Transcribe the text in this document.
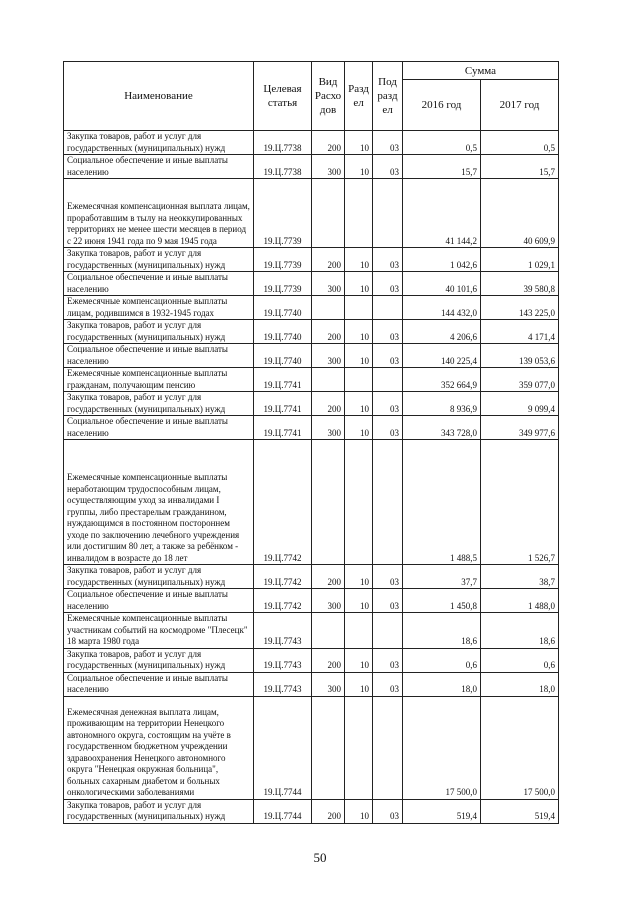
Наименование	Целевая статья	Вид Расхо дов	Разд ел	Под разд ел	Сумма	
					2016 год	2017 год
Закупка товаров, работ и услуг для государственных (муниципальных) нужд	19.Ц.7738	200	10	03	0,5	0,5
Социальное обеспечение и иные выплаты населению	19.Ц.7738	300	10	03	15,7	15,7
Ежемесячная компенсационная выплата лицам, проработавшим в тылу на неоккупированных территориях не менее шести месяцев в период с 22 июня 1941 года по 9 мая 1945 года	19.Ц.7739				41 144,2	40 609,9
Закупка товаров, работ и услуг для государственных (муниципальных) нужд	19.Ц.7739	200	10	03	1 042,6	1 029,1
Социальное обеспечение и иные выплаты населению	19.Ц.7739	300	10	03	40 101,6	39 580,8
Ежемесячные компенсационные выплаты лицам, родившимся в 1932-1945 годах	19.Ц.7740				144 432,0	143 225,0
Закупка товаров, работ и услуг для государственных (муниципальных) нужд	19.Ц.7740	200	10	03	4 206,6	4 171,4
Социальное обеспечение и иные выплаты населению	19.Ц.7740	300	10	03	140 225,4	139 053,6
Ежемесячные компенсационные выплаты гражданам, получающим пенсию	19.Ц.7741				352 664,9	359 077,0
Закупка товаров, работ и услуг для государственных (муниципальных) нужд	19.Ц.7741	200	10	03	8 936,9	9 099,4
Социальное обеспечение и иные выплаты населению	19.Ц.7741	300	10	03	343 728,0	349 977,6
Ежемесячные компенсационные выплаты неработающим трудоспособным лицам, осуществляющим уход за инвалидами I группы, либо престарелым гражданином, нуждающимся в постоянном постороннем уходе по заключению лечебного учреждения или достигшим 80 лет, а также за ребёнком - инвалидом в возрасте до 18 лет	19.Ц.7742				1 488,5	1 526,7
Закупка товаров, работ и услуг для государственных (муниципальных) нужд	19.Ц.7742	200	10	03	37,7	38,7
Социальное обеспечение и иные выплаты населению	19.Ц.7742	300	10	03	1 450,8	1 488,0
Ежемесячные компенсационные выплаты участникам событий на космодроме "Плесецк" 18 марта 1980 года	19.Ц.7743				18,6	18,6
Закупка товаров, работ и услуг для государственных (муниципальных) нужд	19.Ц.7743	200	10	03	0,6	0,6
Социальное обеспечение и иные выплаты населению	19.Ц.7743	300	10	03	18,0	18,0
Ежемесячная денежная выплата лицам, проживающим на территории Ненецкого автономного округа, состоящим на учёте в государственном бюджетном учреждении здравоохранения Ненецкого автономного округа "Ненецкая окружная больница", больных сахарным диабетом и больных онкологическими заболеваниями	19.Ц.7744				17 500,0	17 500,0
Закупка товаров, работ и услуг для государственных (муниципальных) нужд	19.Ц.7744	200	10	03	519,4	519,4
50
